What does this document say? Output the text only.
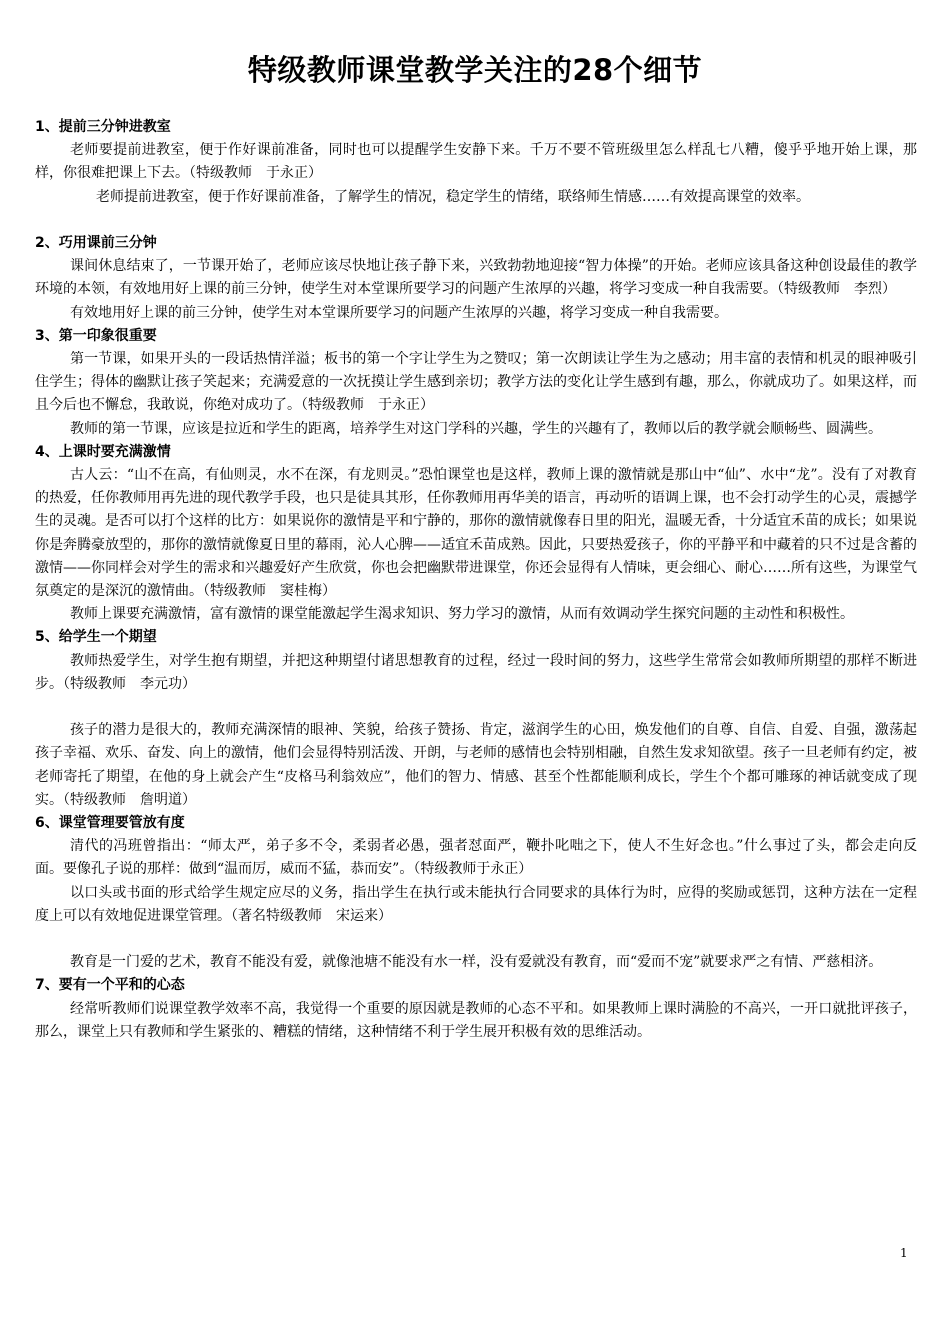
特级教师课堂教学关注的28个细节
1、提前三分钟进教室

老师要提前进教室，便于作好课前准备，同时也可以提醒学生安静下来。千万不要不管班级里怎么样乱七八糟，傻乎乎地开始上课，那样，你很难把课上下去。（特级教师　于永正）

老师提前进教室，便于作好课前准备，了解学生的情况，稳定学生的情绪，联络师生情感……有效提高课堂的效率。

2、巧用课前三分钟

课间休息结束了，一节课开始了，老师应该尽快地让孩子静下来，兴致勃勃地迎接“智力体操”的开始。老师应该具备这种创设最佳的教学环境的本领，有效地用好上课的前三分钟，使学生对本堂课所要学习的问题产生浓厚的兴趣，将学习变成一种自我需要。（特级教师　李烈）

有效地用好上课的前三分钟，使学生对本堂课所要学习的问题产生浓厚的兴趣，将学习变成一种自我需要。

3、第一印象很重要

第一节课，如果开头的一段话热情洋溢；板书的第一个字让学生为之赞叹；第一次朗读让学生为之感动；用丰富的表情和机灵的眼神吸引住学生；得体的幽默让孩子笑起来；充满爱意的一次抚摸让学生感到亲切；教学方法的变化让学生感到有趣，那么，你就成功了。如果这样，而且今后也不懈怠，我敢说，你绝对成功了。（特级教师　于永正）

教师的第一节课，应该是拉近和学生的距离，培养学生对这门学科的兴趣，学生的兴趣有了，教师以后的教学就会顺畅些、圆满些。

4、上课时要充满激情

古人云：“山不在高，有仙则灵，水不在深，有龙则灵。”恐怕课堂也是这样，教师上课的激情就是那山中“仙”、水中“龙”。没有了对教育的热爱，任你教师用再先进的现代教学手段，也只是徒具其形，任你教师用再华美的语言，再动听的语调上课，也不会打动学生的心灵，震撼学生的灵魂。是否可以打个这样的比方：如果说你的激情是平和宁静的，那你的激情就像春日里的阳光，温暖无香，十分适宜禾苗的成长；如果说你是奔腾豪放型的，那你的激情就像夏日里的幕雨，沁人心脾——适宜禾苗成熟。因此，只要热爱孩子，你的平静平和中藏着的只不过是含蓄的激情——你同样会对学生的需求和兴趣爱好产生欣赏，你也会把幽默带进课堂，你还会显得有人情味，更会细心、耐心……所有这些，为课堂气氛奠定的是深沉的激情曲。（特级教师　窦桂梅）

教师上课要充满激情，富有激情的课堂能激起学生渴求知识、努力学习的激情，从而有效调动学生探究问题的主动性和积极性。

5、给学生一个期望

教师热爱学生，对学生抱有期望，并把这种期望付诸思想教育的过程，经过一段时间的努力，这些学生常常会如教师所期望的那样不断进步。（特级教师　李元功）

孩子的潜力是很大的，教师充满深情的眼神、笑貌，给孩子赞扬、肯定，滋润学生的心田，焕发他们的自尊、自信、自爱、自强，激荡起孩子幸福、欢乐、奋发、向上的激情，他们会显得特别活泼、开朗，与老师的感情也会特别相融，自然生发求知欲望。孩子一旦老师有约定，被老师寄托了期望，在他的身上就会产生“皮格马利翁效应”，他们的智力、情感、甚至个性都能顺利成长，学生个个都可雕琢的神话就变成了现实。（特级教师　詹明道）

6、课堂管理要管放有度

清代的冯班曾指出：“师太严，弟子多不令，柔弱者必愚，强者怼面严，鞭扑叱咄之下，使人不生好念也。”什么事过了头，都会走向反面。要像孔子说的那样：做到“温而厉，威而不猛，恭而安”。（特级教师于永正）

以口头或书面的形式给学生规定应尽的义务，指出学生在执行或未能执行合同要求的具体行为时，应得的奖励或惩罚，这种方法在一定程度上可以有效地促进课堂管理。（著名特级教师　宋运来）

教育是一门爱的艺术，教育不能没有爱，就像池塘不能没有水一样，没有爱就没有教育，而“爱而不宠”就要求严之有情、严慈相济。

7、要有一个平和的心态

经常听教师们说课堂教学效率不高，我觉得一个重要的原因就是教师的心态不平和。如果教师上课时满脸的不高兴，一开口就批评孩子，那么，课堂上只有教师和学生紧张的、糟糕的情绪，这种情绪不利于学生展开积极有效的思维活动。

1
